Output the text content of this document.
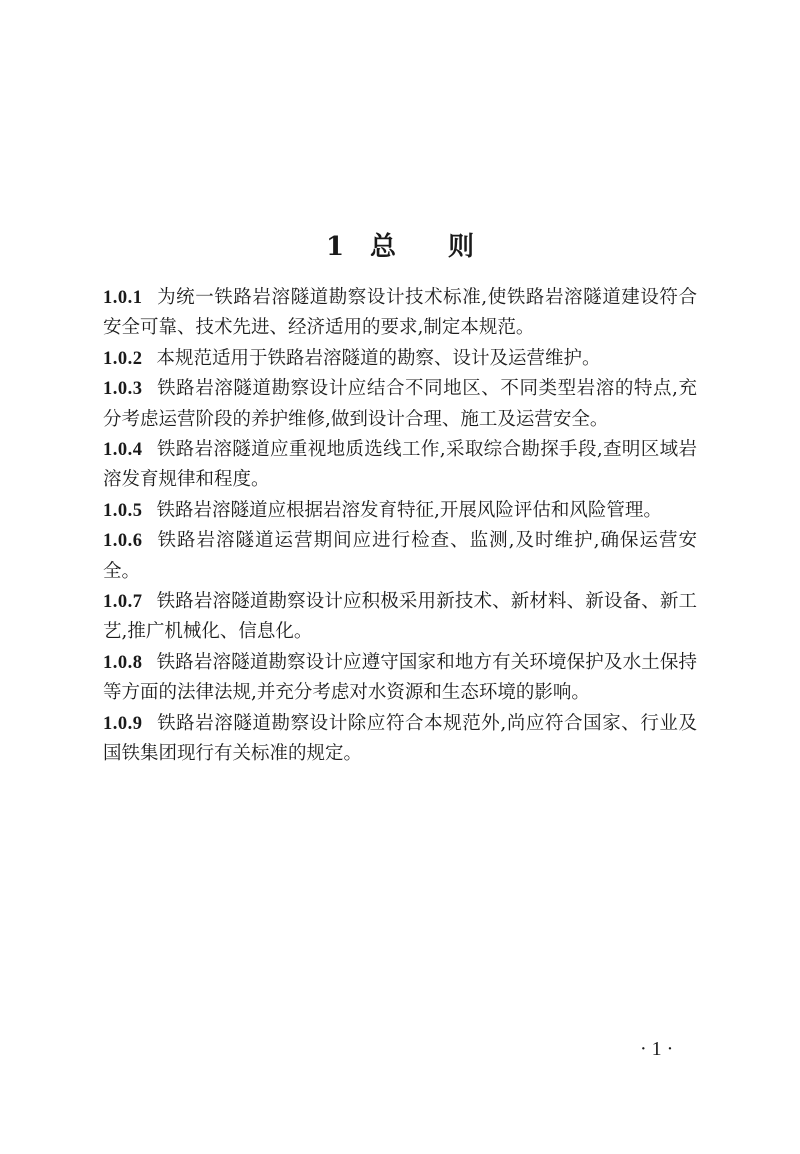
1 总 则
1.0.1 为统一铁路岩溶隧道勘察设计技术标准,使铁路岩溶隧道建设符合安全可靠、技术先进、经济适用的要求,制定本规范。
1.0.2 本规范适用于铁路岩溶隧道的勘察、设计及运营维护。
1.0.3 铁路岩溶隧道勘察设计应结合不同地区、不同类型岩溶的特点,充分考虑运营阶段的养护维修,做到设计合理、施工及运营安全。
1.0.4 铁路岩溶隧道应重视地质选线工作,采取综合勘探手段,查明区域岩溶发育规律和程度。
1.0.5 铁路岩溶隧道应根据岩溶发育特征,开展风险评估和风险管理。
1.0.6 铁路岩溶隧道运营期间应进行检查、监测,及时维护,确保运营安全。
1.0.7 铁路岩溶隧道勘察设计应积极采用新技术、新材料、新设备、新工艺,推广机械化、信息化。
1.0.8 铁路岩溶隧道勘察设计应遵守国家和地方有关环境保护及水土保持等方面的法律法规,并充分考虑对水资源和生态环境的影响。
1.0.9 铁路岩溶隧道勘察设计除应符合本规范外,尚应符合国家、行业及国铁集团现行有关标准的规定。
· 1 ·
